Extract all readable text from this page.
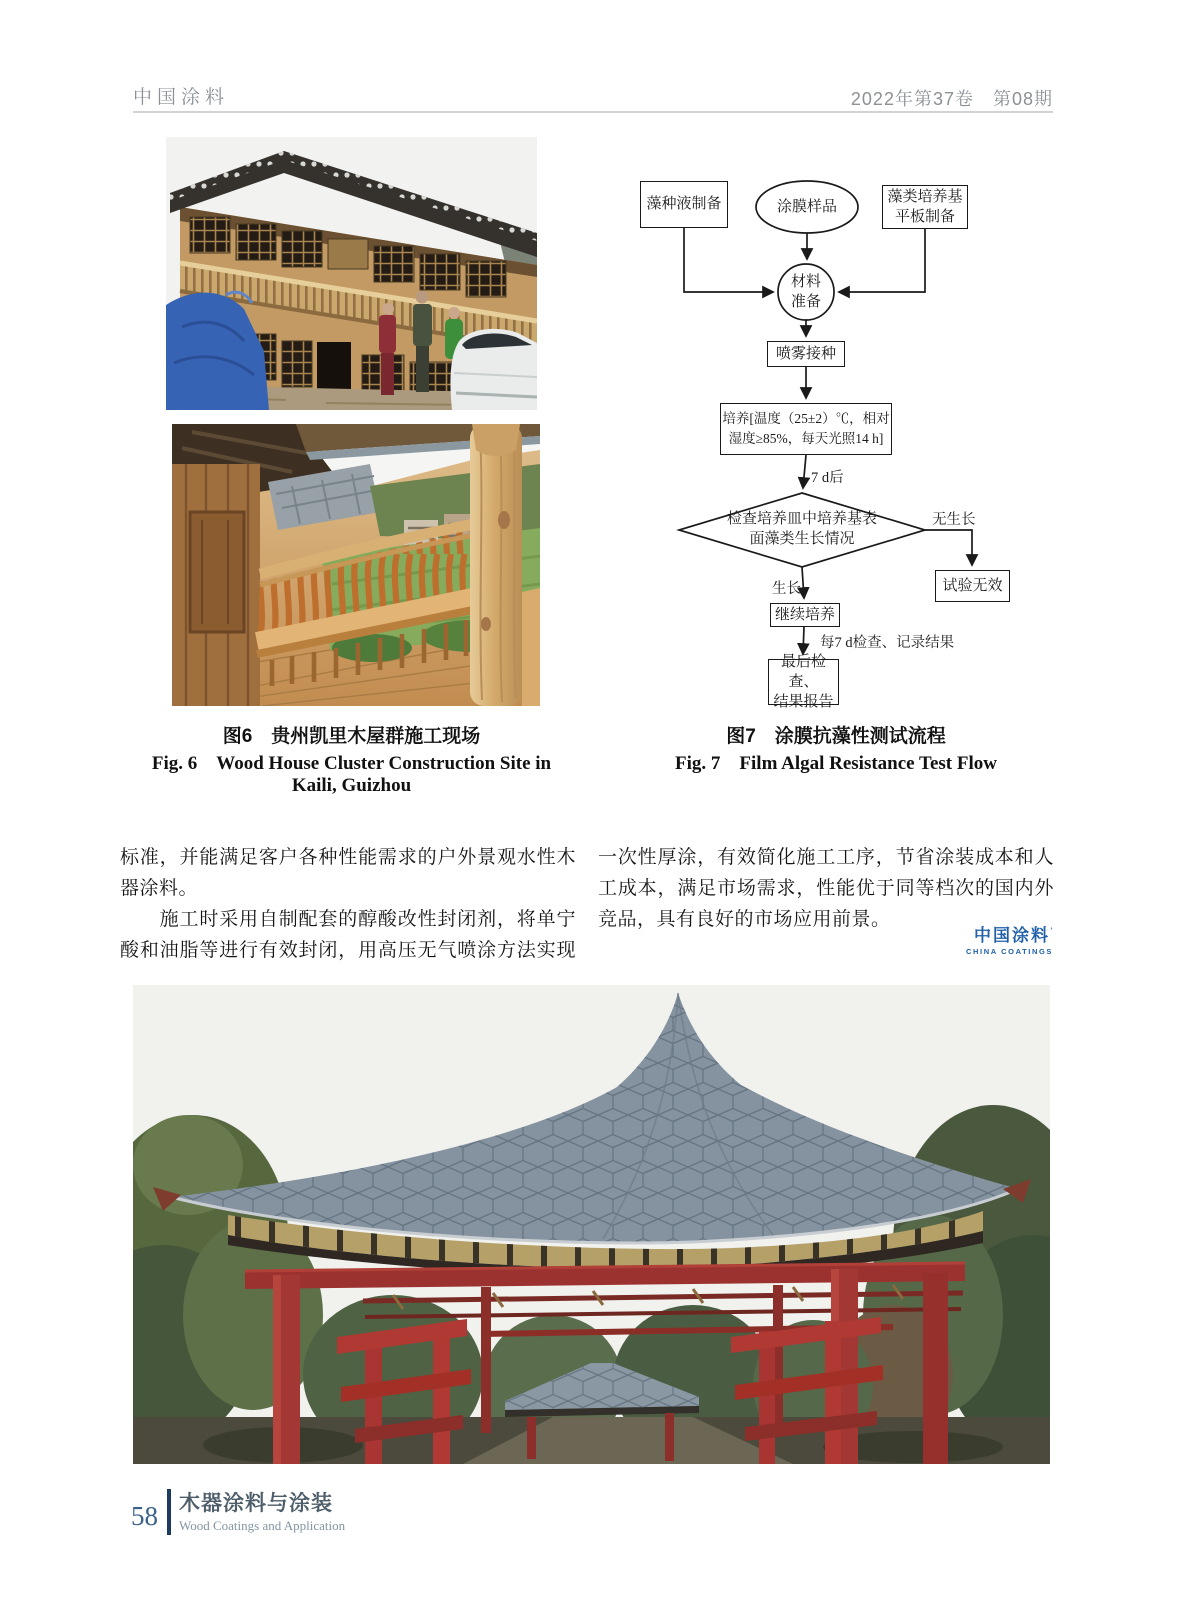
中国涂料	2022年第37卷　第08期
藻种液制备	涂膜样品
藻类培养基
平板制备
材料
准备
喷雾接种
培养[温度（25±2）℃，相对
湿度≥85%，每天光照14 h]
7 d后
检查培养皿中培养基表
面藻类生长情况
无生长
试验无效
生长
继续培养
每7 d检查、记录结果
最后检查、
结果报告
图6　贵州凯里木屋群施工现场
Fig. 6　Wood House Cluster Construction Site in
Kaili, Guizhou
图7　涂膜抗藻性测试流程
Fig. 7　Film Algal Resistance Test Flow
标准，并能满足客户各种性能需求的户外景观水性木
器涂料。
　　施工时采用自制配套的醇酸改性封闭剂，将单宁
酸和油脂等进行有效封闭，用高压无气喷涂方法实现
一次性厚涂，有效简化施工工序，节省涂装成本和人
工成本，满足市场需求，性能优于同等档次的国内外
竞品，具有良好的市场应用前景。
中国涂料’
CHINA COATINGS
58 木器涂料与涂装
Wood Coatings and Application
